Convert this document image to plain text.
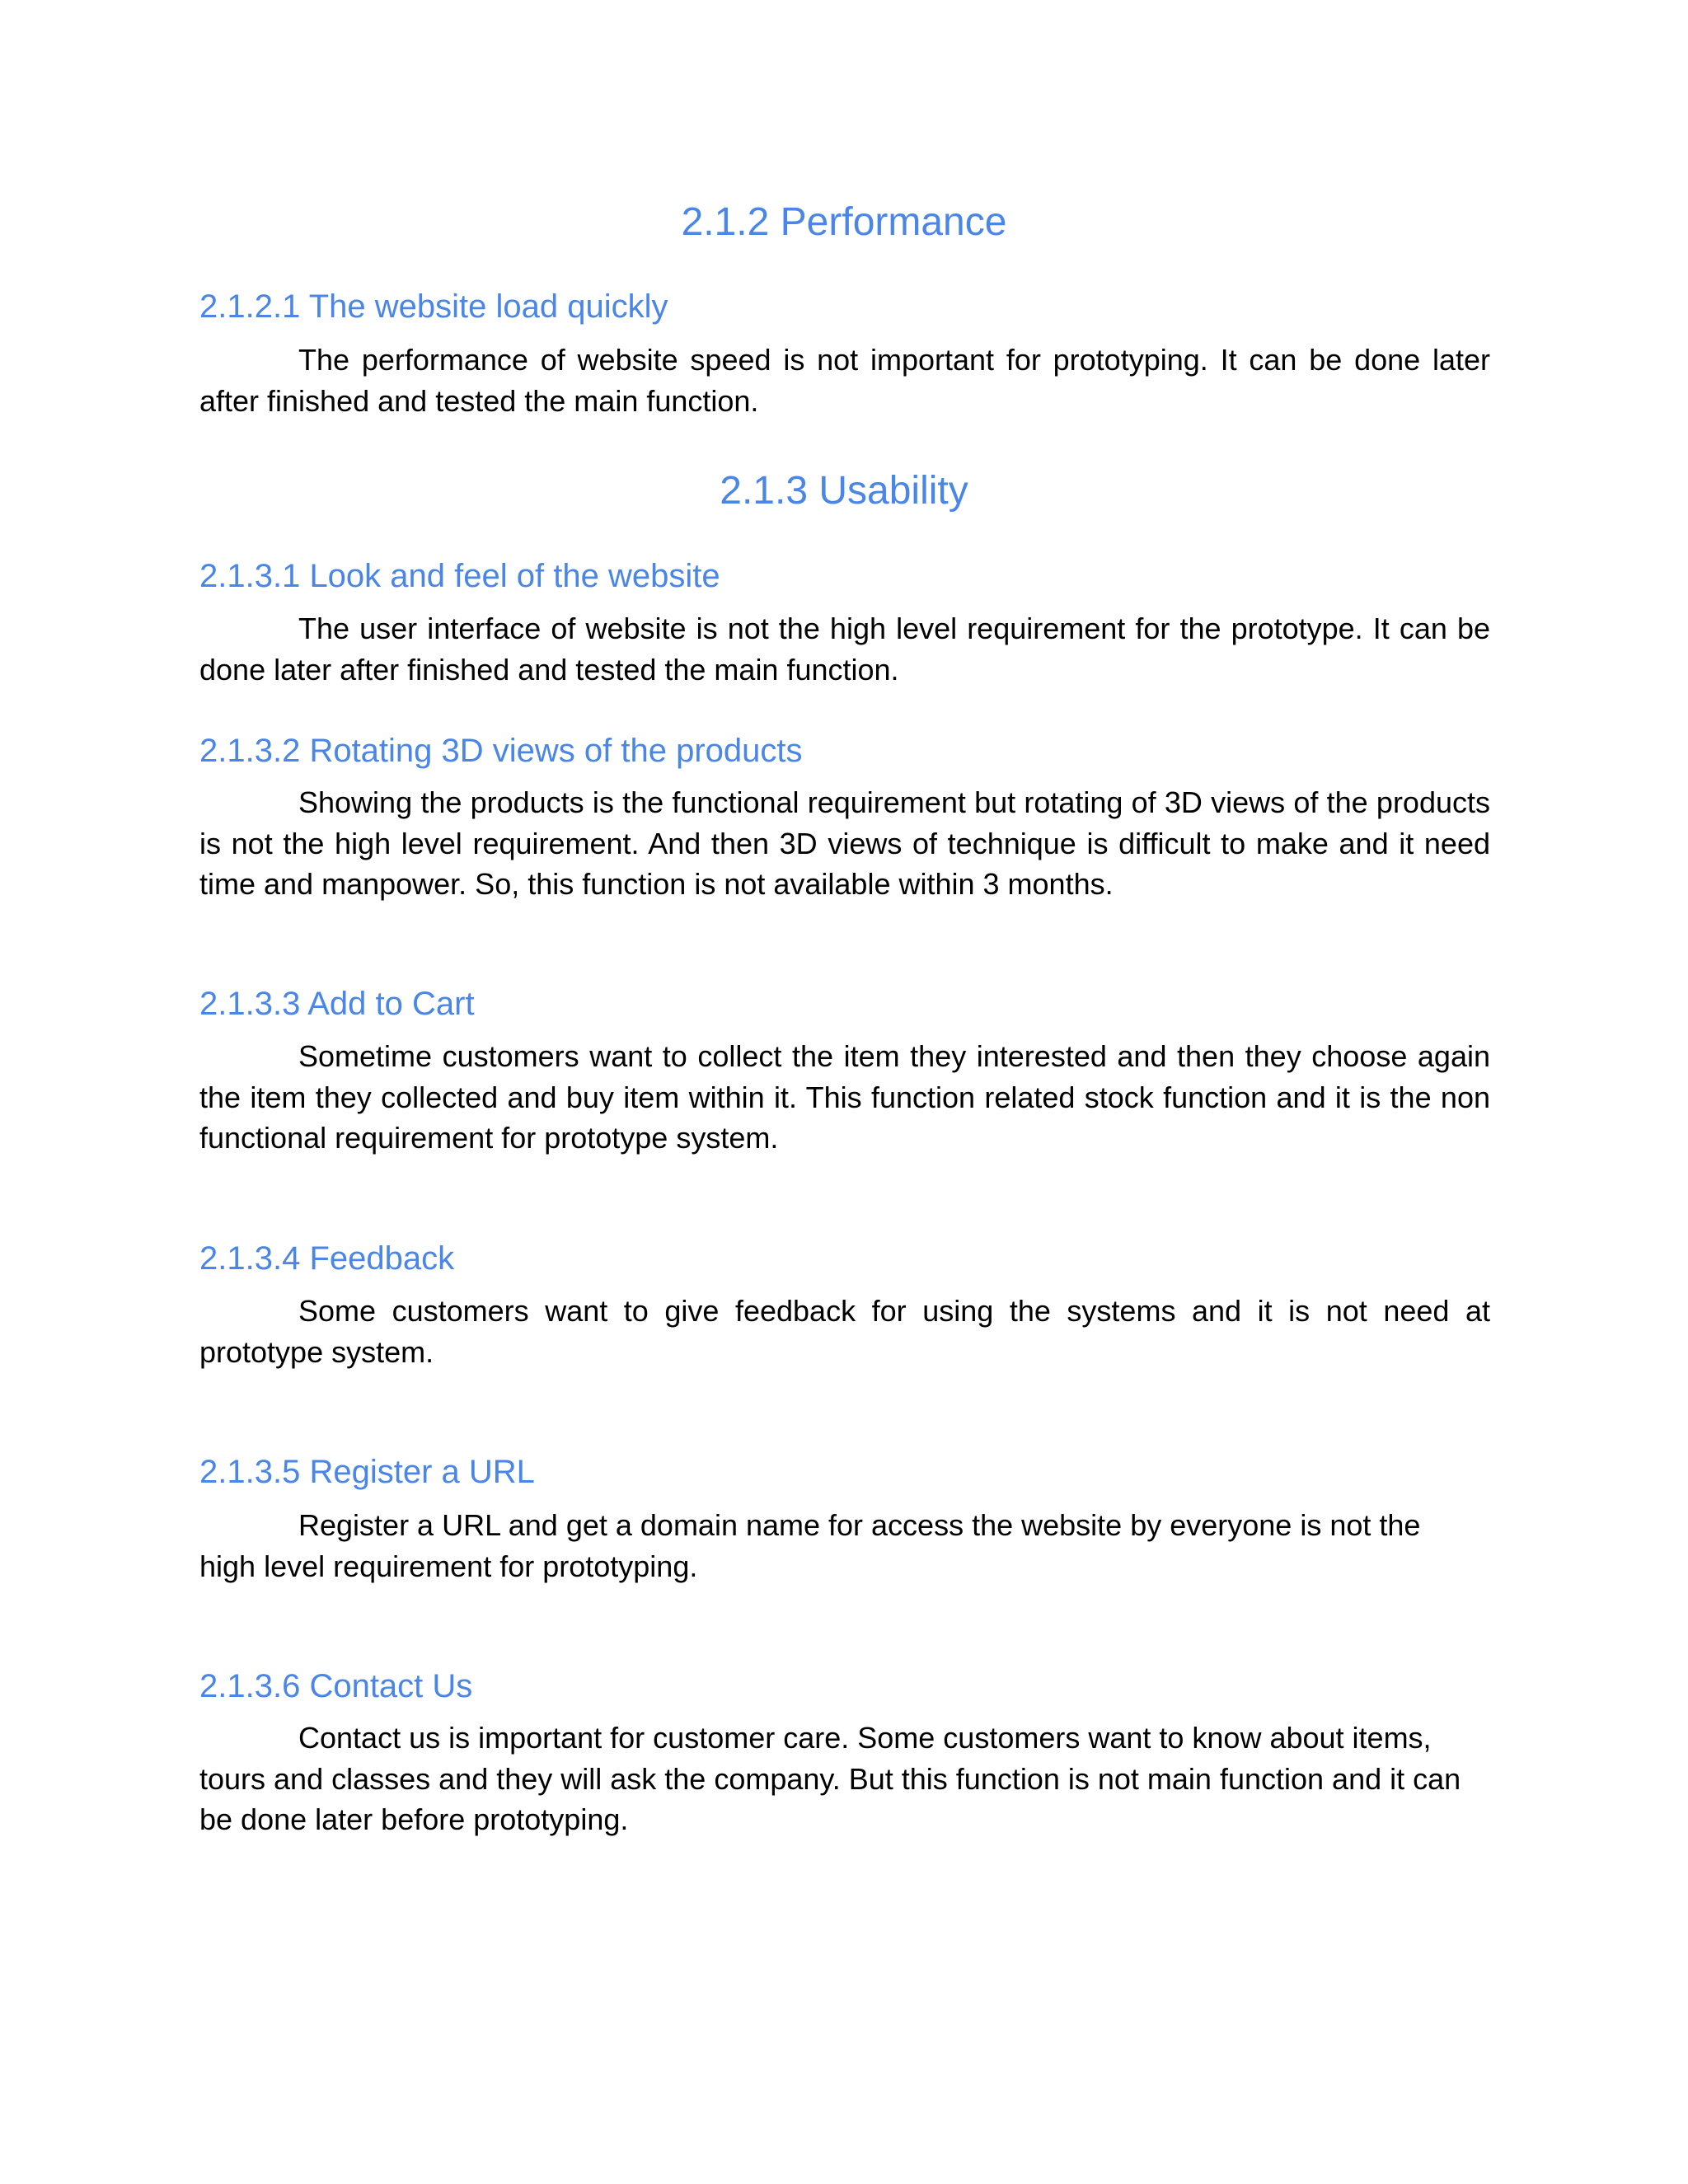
2.1.2 Performance
2.1.2.1 The website load quickly

The performance of website speed is not important for prototyping. It can be done later after finished and tested the main function.

2.1.3 Usability
2.1.3.1 Look and feel of the website

The user interface of website is not the high level requirement for the prototype. It can be done later after finished and tested the main function.

2.1.3.2 Rotating 3D views of the products

Showing the products is the functional requirement but rotating of 3D views of the products is not the high level requirement. And then 3D views of technique is difficult to make and it need time and manpower. So, this function is not available within 3 months.

2.1.3.3 Add to Cart

Sometime customers want to collect the item they interested and then they choose again the item they collected and buy item within it. This function related stock function and it is the non functional requirement for prototype system.

2.1.3.4 Feedback

Some customers want to give feedback for using the systems and it is not need at prototype system.

2.1.3.5 Register a URL

Register a URL and get a domain name for access the website by everyone is not the high level requirement for prototyping.

2.1.3.6 Contact Us

Contact us is important for customer care. Some customers want to know about items, tours and classes and they will ask the company. But this function is not main function and it can be done later before prototyping.
